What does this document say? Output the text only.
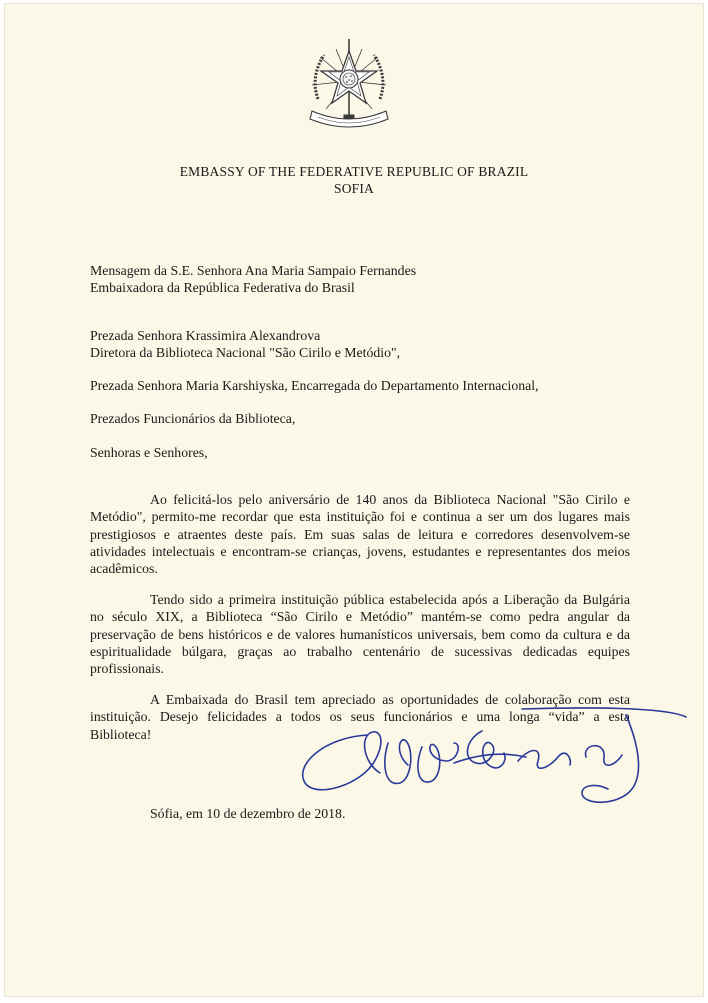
EMBASSY OF THE FEDERATIVE REPUBLIC OF BRAZIL
SOFIA
Mensagem da S.E. Senhora Ana Maria Sampaio Fernandes
Embaixadora da República Federativa do Brasil
Prezada Senhora Krassimira Alexandrova
Diretora da Biblioteca Nacional "São Cirilo e Metódio",
Prezada Senhora Maria Karshiyska, Encarregada do Departamento Internacional,
Prezados Funcionários da Biblioteca,
Senhoras e Senhores,
Ao felicitá-los pelo aniversário de 140 anos da Biblioteca Nacional "São Cirilo e
Metódio", permito-me recordar que esta instituição foi e continua a ser um dos lugares mais
prestigiosos e atraentes deste país. Em suas salas de leitura e corredores desenvolvem-se
atividades intelectuais e encontram-se crianças, jovens, estudantes e representantes dos meios
acadêmicos.
Tendo sido a primeira instituição pública estabelecida após a Liberação da Bulgária
no século XIX, a Biblioteca “São Cirilo e Metódio” mantém-se como pedra angular da
preservação de bens históricos e de valores humanísticos universais, bem como da cultura e da
espiritualidade búlgara, graças ao trabalho centenário de sucessivas dedicadas equipes
profissionais.
A Embaixada do Brasil tem apreciado as oportunidades de colaboração com esta
instituição. Desejo felicidades a todos os seus funcionários e uma longa “vida” a esta
Biblioteca!
Sófia, em 10 de dezembro de 2018.
